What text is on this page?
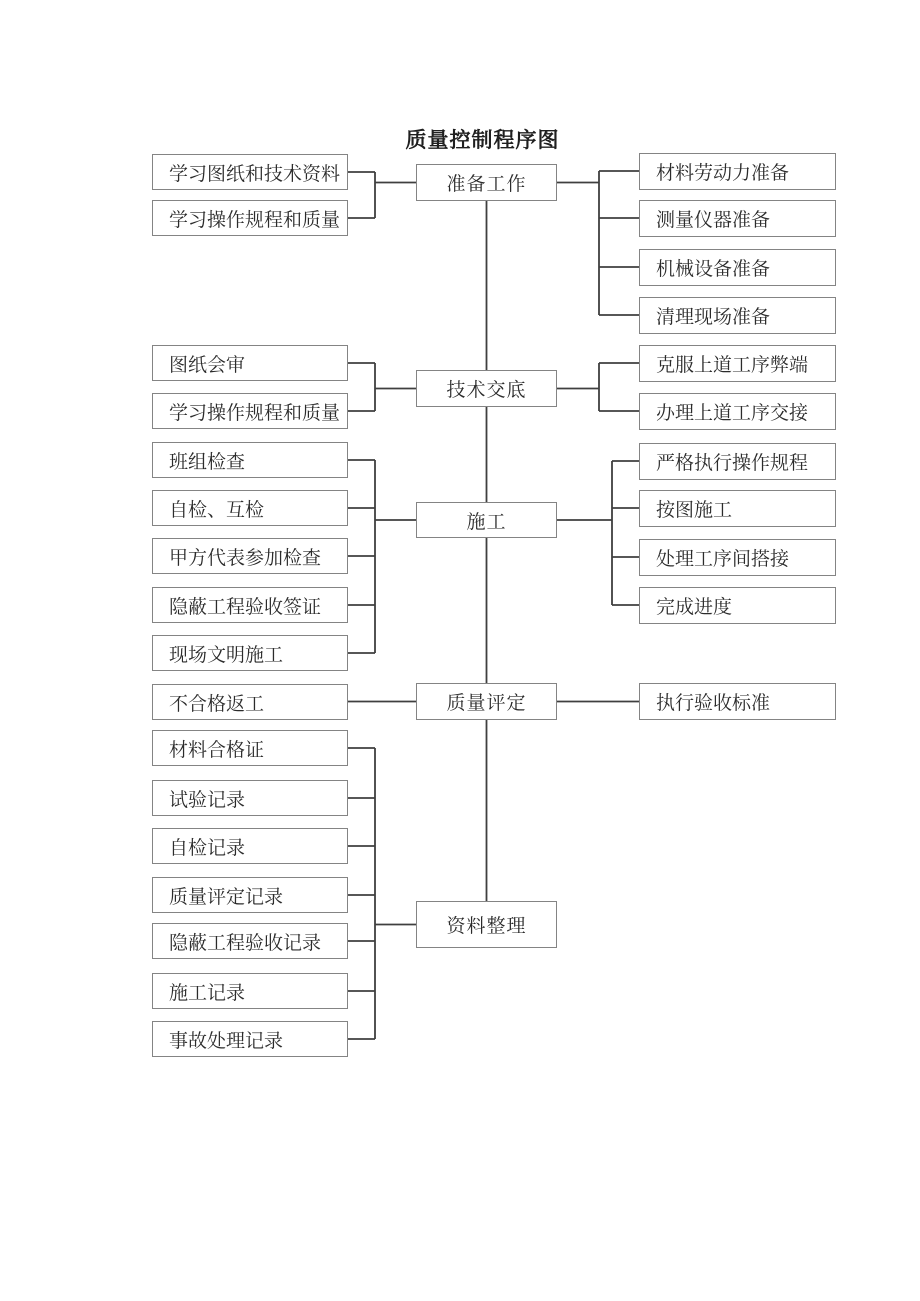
质量控制程序图
学习图纸和技术资料
学习操作规程和质量
准备工作
材料劳动力准备
测量仪器准备
机械设备准备
清理现场准备
图纸会审
学习操作规程和质量
技术交底
克服上道工序弊端
办理上道工序交接
班组检查
自检、互检
甲方代表参加检查
隐蔽工程验收签证
现场文明施工
施工
严格执行操作规程
按图施工
处理工序间搭接
完成进度
不合格返工	质量评定	执行验收标准
材料合格证
试验记录
自检记录
质量评定记录
隐蔽工程验收记录
施工记录
事故处理记录
资料整理
